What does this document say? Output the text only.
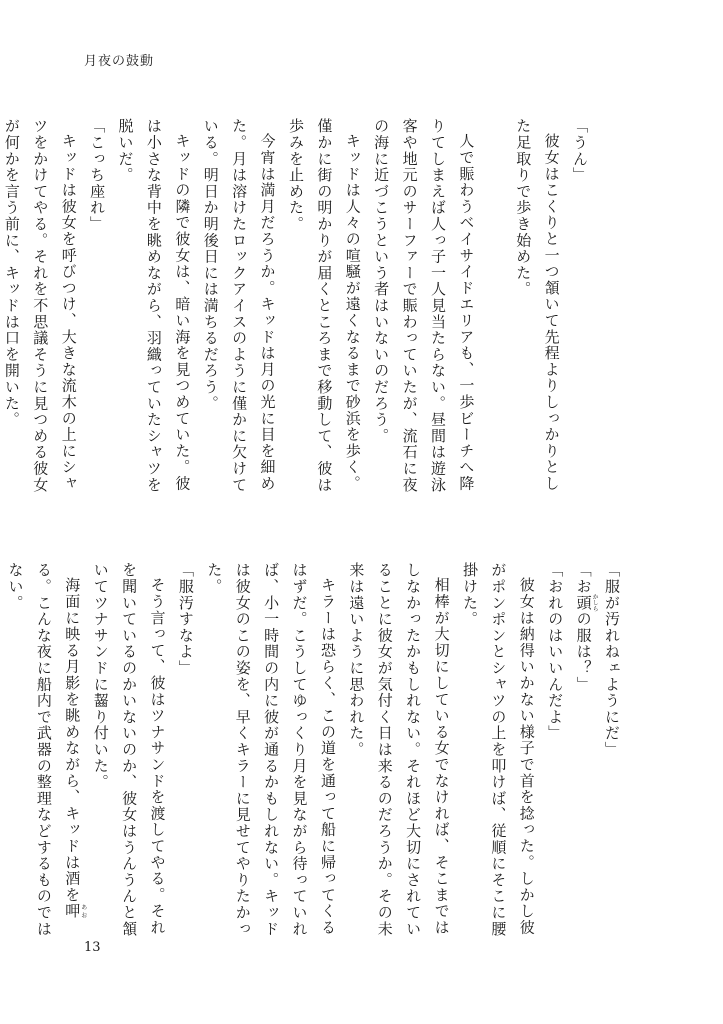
月夜の鼓動
「うん」
彼女はこくりと一つ頷いて先程よりしっかりとした足取りで歩き始めた。

人で賑わうベイサイドエリアも、一歩ビーチへ降りてしまえば人っ子一人見当たらない。昼間は遊泳客や地元のサーファーで賑わっていたが、流石に夜の海に近づこうという者はいないのだろう。
キッドは人々の喧騒が遠くなるまで砂浜を歩く。僅かに街の明かりが届くところまで移動して、彼は歩みを止めた。
今宵は満月だろうか。キッドは月の光に目を細めた。月は溶けたロックアイスのように僅かに欠けている。明日か明後日には満ちるだろう。
キッドの隣で彼女は、暗い海を見つめていた。彼は小さな背中を眺めながら、羽織っていたシャツを脱いだ。
「こっち座れ」
キッドは彼女を呼びつけ、大きな流木の上にシャツをかけてやる。それを不思議そうに見つめる彼女が何かを言う前に、キッドは口を開いた。
「服が汚れねェようにだ」
「お頭かしらの服は？」
「おれのはいいんだよ」
彼女は納得いかない様子で首を捻った。しかし彼がポンポンとシャツの上を叩けば、従順にそこに腰掛けた。
相棒が大切にしている女でなければ、そこまではしなかったかもしれない。それほど大切にされていることに彼女が気付く日は来るのだろうか。その未来は遠いように思われた。
キラーは恐らく、この道を通って船に帰ってくるはずだ。こうしてゆっくり月を見ながら待っていれば、小一時間の内に彼が通るかもしれない。キッドは彼女のこの姿を、早くキラーに見せてやりたかった。
「服汚すなよ」
そう言って、彼はツナサンドを渡してやる。それを聞いているのかいないのか、彼女はうんうんと頷いてツナサンドに齧り付いた。
海面に映る月影を眺めながら、キッドは酒を呷あおる。こんな夜に船内で武器の整理などするものではない。
13
